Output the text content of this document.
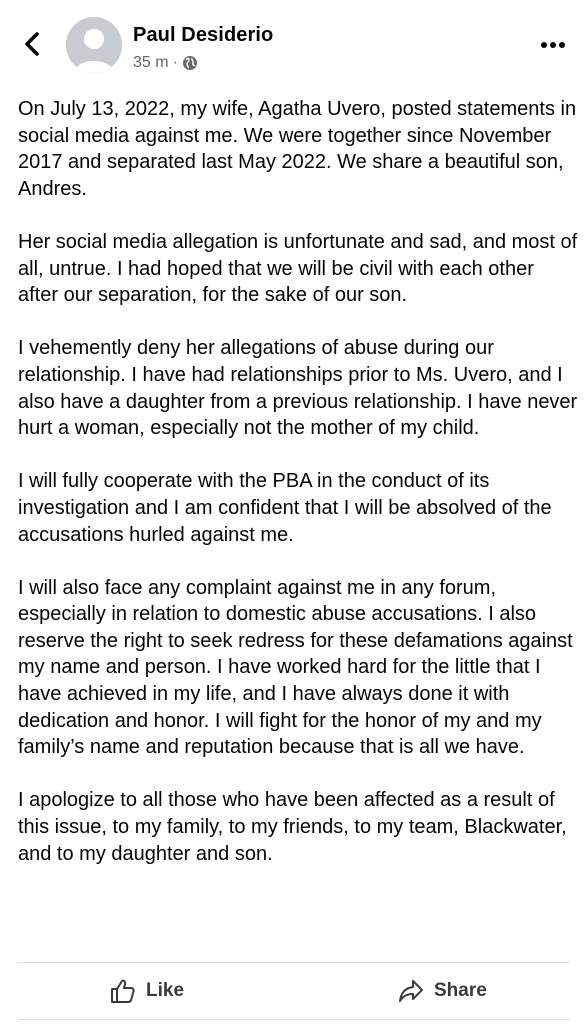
Paul Desiderio
35 m ·

On July 13, 2022, my wife, Agatha Uvero, posted statements in social media against me. We were together since November 2017 and separated last May 2022. We share a beautiful son, Andres.

Her social media allegation is unfortunate and sad, and most of all, untrue. I had hoped that we will be civil with each other after our separation, for the sake of our son.

I vehemently deny her allegations of abuse during our relationship. I have had relationships prior to Ms. Uvero, and I also have a daughter from a previous relationship. I have never hurt a woman, especially not the mother of my child.

I will fully cooperate with the PBA in the conduct of its investigation and I am confident that I will be absolved of the accusations hurled against me.

I will also face any complaint against me in any forum, especially in relation to domestic abuse accusations. I also reserve the right to seek redress for these defamations against my name and person. I have worked hard for the little that I have achieved in my life, and I have always done it with dedication and honor. I will fight for the honor of my and my family’s name and reputation because that is all we have.

I apologize to all those who have been affected as a result of this issue, to my family, to my friends, to my team, Blackwater, and to my daughter and son.

Like	Share
